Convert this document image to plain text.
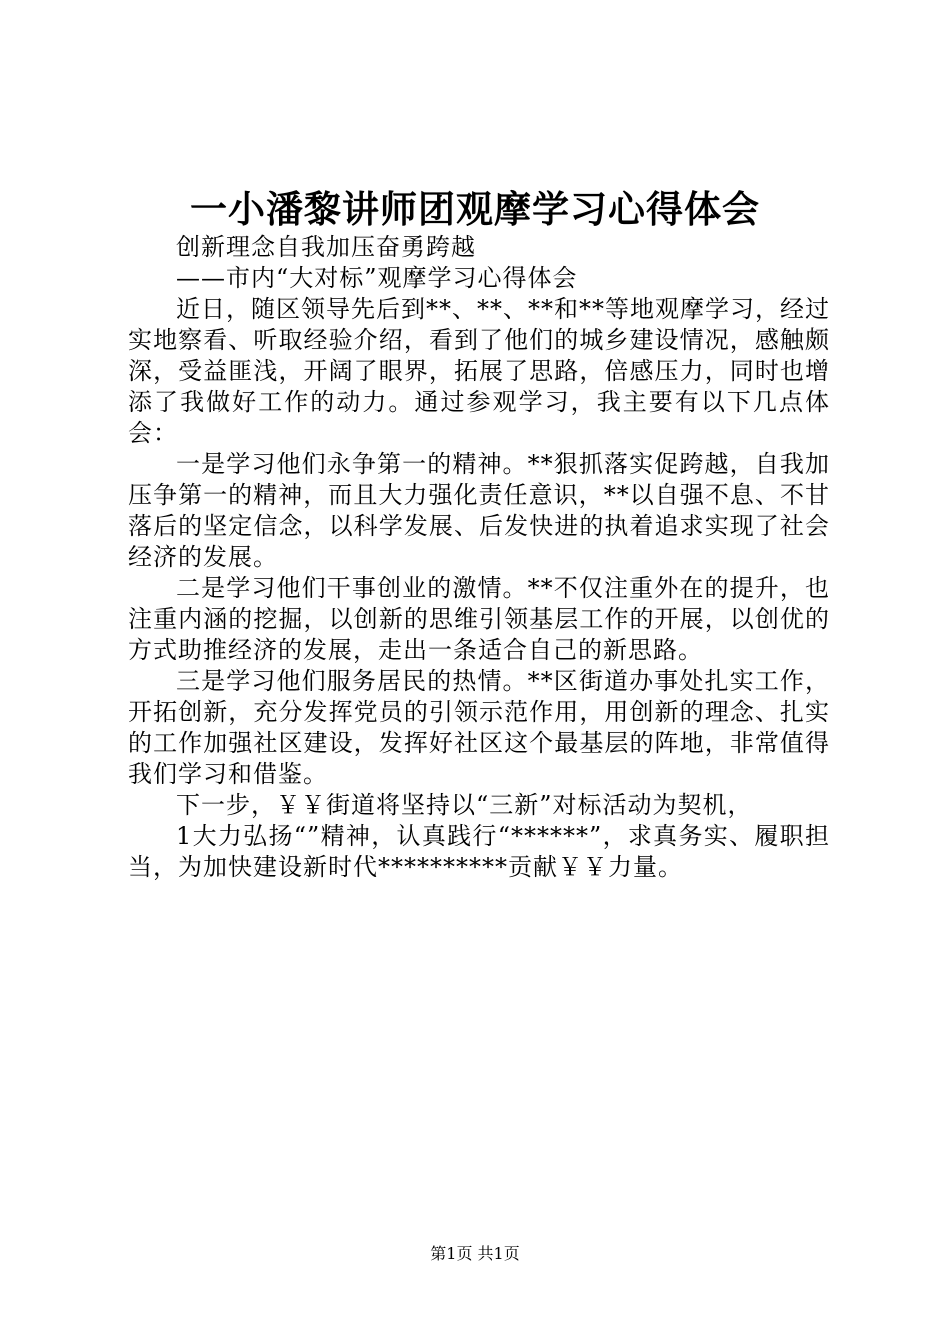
一小潘黎讲师团观摩学习心得体会

创新理念自我加压奋勇跨越

——市内“大对标”观摩学习心得体会

近日，随区领导先后到**、**、**和**等地观摩学习，经过实地察看、听取经验介绍，看到了他们的城乡建设情况，感触颇深，受益匪浅，开阔了眼界，拓展了思路，倍感压力，同时也增添了我做好工作的动力。通过参观学习，我主要有以下几点体会：

一是学习他们永争第一的精神。**狠抓落实促跨越，自我加压争第一的精神，而且大力强化责任意识，**以自强不息、不甘落后的坚定信念，以科学发展、后发快进的执着追求实现了社会经济的发展。

二是学习他们干事创业的激情。**不仅注重外在的提升，也注重内涵的挖掘，以创新的思维引领基层工作的开展，以创优的方式助推经济的发展，走出一条适合自己的新思路。

三是学习他们服务居民的热情。**区街道办事处扎实工作，开拓创新，充分发挥党员的引领示范作用，用创新的理念、扎实的工作加强社区建设，发挥好社区这个最基层的阵地，非常值得我们学习和借鉴。

下一步，￥￥街道将坚持以“三新”对标活动为契机，

1大力弘扬“”精神，认真践行“******”，求真务实、履职担当，为加快建设新时代**********贡献￥￥力量。

第1页 共1页
